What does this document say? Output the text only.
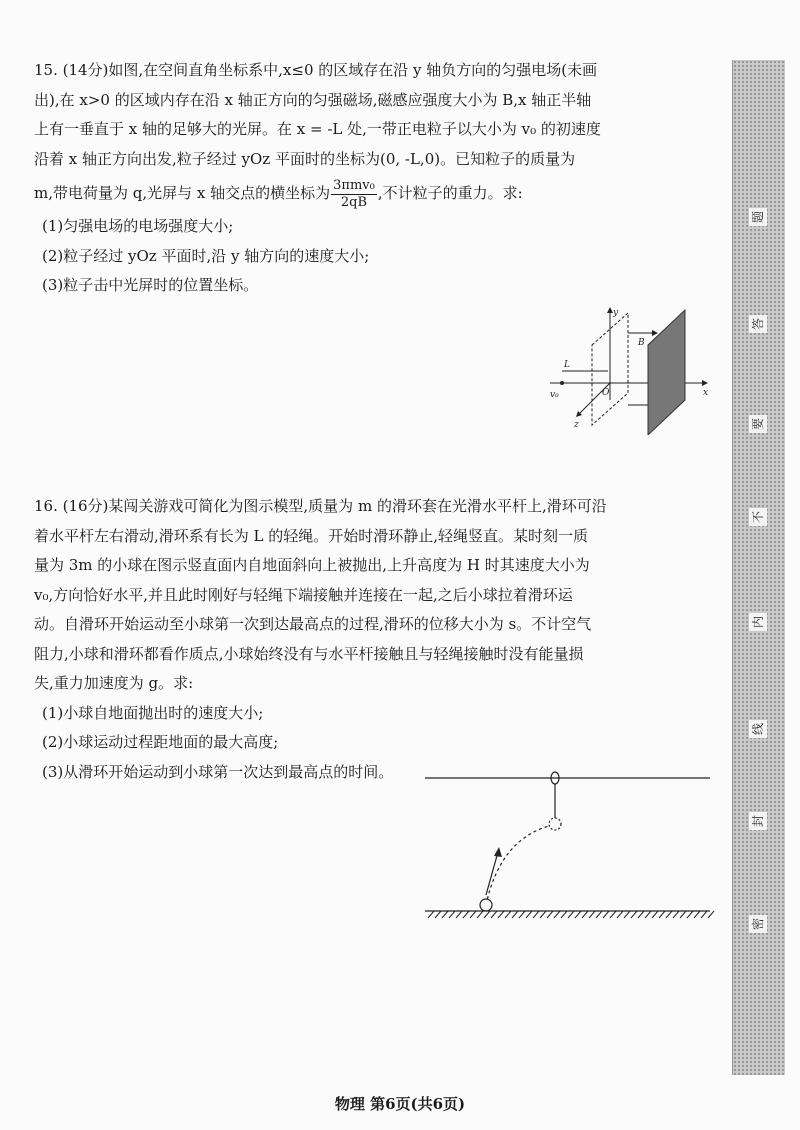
15. (14分)如图,在空间直角坐标系中,x≤0 的区域存在沿 y 轴负方向的匀强电场(未画

出),在 x>0 的区域内存在沿 x 轴正方向的匀强磁场,磁感应强度大小为 B,x 轴正半轴

上有一垂直于 x 轴的足够大的光屏。在 x = -L 处,一带正电粒子以大小为 v₀ 的初速度

沿着 x 轴正方向出发,粒子经过 yOz 平面时的坐标为(0, -L,0)。已知粒子的质量为

m,带电荷量为 q,光屏与 x 轴交点的横坐标为 $\frac{\text{3πmv₀}}{2qB}$ ,不计粒子的重力。求:

(1)匀强电场的电场强度大小;

(2)粒子经过 yOz 平面时,沿 y 轴方向的速度大小;

(3)粒子击中光屏时的位置坐标。

y
B
L
v₀	O
z
x

16. (16分)某闯关游戏可简化为图示模型,质量为 m 的滑环套在光滑水平杆上,滑环可沿

着水平杆左右滑动,滑环系有长为 L 的轻绳。开始时滑环静止,轻绳竖直。某时刻一质

量为 3m 的小球在图示竖直面内自地面斜向上被抛出,上升高度为 H 时其速度大小为

v₀,方向恰好水平,并且此时刚好与轻绳下端接触并连接在一起,之后小球拉着滑环运

动。自滑环开始运动至小球第一次到达最高点的过程,滑环的位移大小为 s。不计空气

阻力,小球和滑环都看作质点,小球始终没有与水平杆接触且与轻绳接触时没有能量损

失,重力加速度为 g。求:

(1)小球自地面抛出时的速度大小;

(2)小球运动过程距地面的最大高度;

(3)从滑环开始运动到小球第一次达到最高点的时间。

题
答
要
不
内
线
封
密
物理 第6页(共6页)
